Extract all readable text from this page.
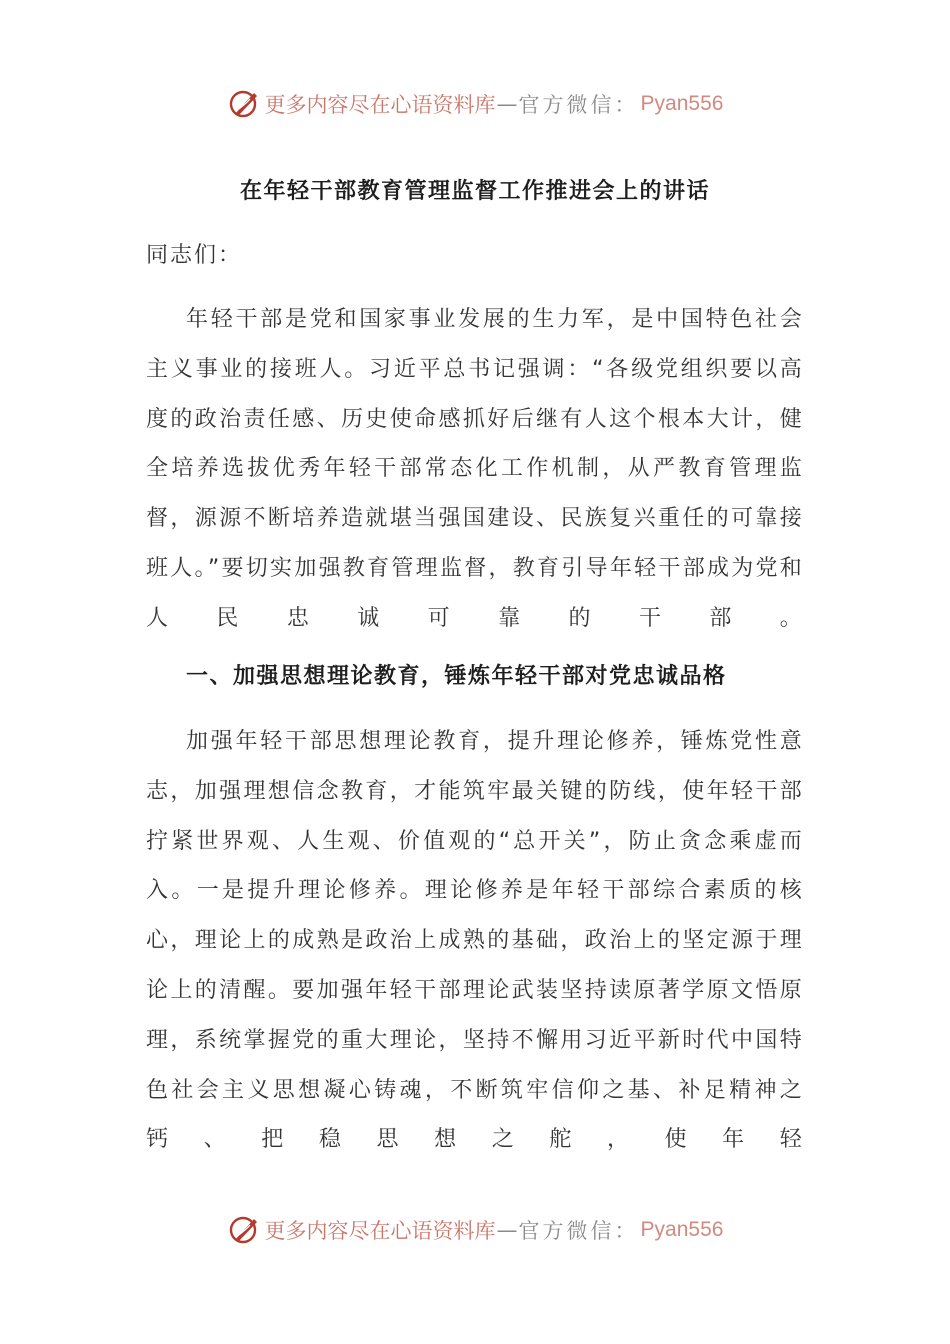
更多内容尽在心语资料库 — 官方微信： Pyan556
在年轻干部教育管理监督工作推进会上的讲话
同志们：

年轻干部是党和国家事业发展的生力军，是中国特色社会主义事业的接班人。习近平总书记强调：“各级党组织要以高度的政治责任感、历史使命感抓好后继有人这个根本大计，健全培养选拔优秀年轻干部常态化工作机制，从严教育管理监督，源源不断培养造就堪当强国建设、民族复兴重任的可靠接班人。”要切实加强教育管理监督，教育引导年轻干部成为党和人民忠诚可靠的干部。

一、加强思想理论教育，锤炼年轻干部对党忠诚品格

加强年轻干部思想理论教育，提升理论修养，锤炼党性意志，加强理想信念教育，才能筑牢最关键的防线，使年轻干部拧紧世界观、人生观、价值观的“总开关”，防止贪念乘虚而入。一是提升理论修养。理论修养是年轻干部综合素质的核心，理论上的成熟是政治上成熟的基础，政治上的坚定源于理论上的清醒。要加强年轻干部理论武装坚持读原著学原文悟原理，系统掌握党的重大理论，坚持不懈用习近平新时代中国特色社会主义思想凝心铸魂，不断筑牢信仰之基、补足精神之钙、把稳思想之舵，使年轻

更多内容尽在心语资料库 — 官方微信： Pyan556
